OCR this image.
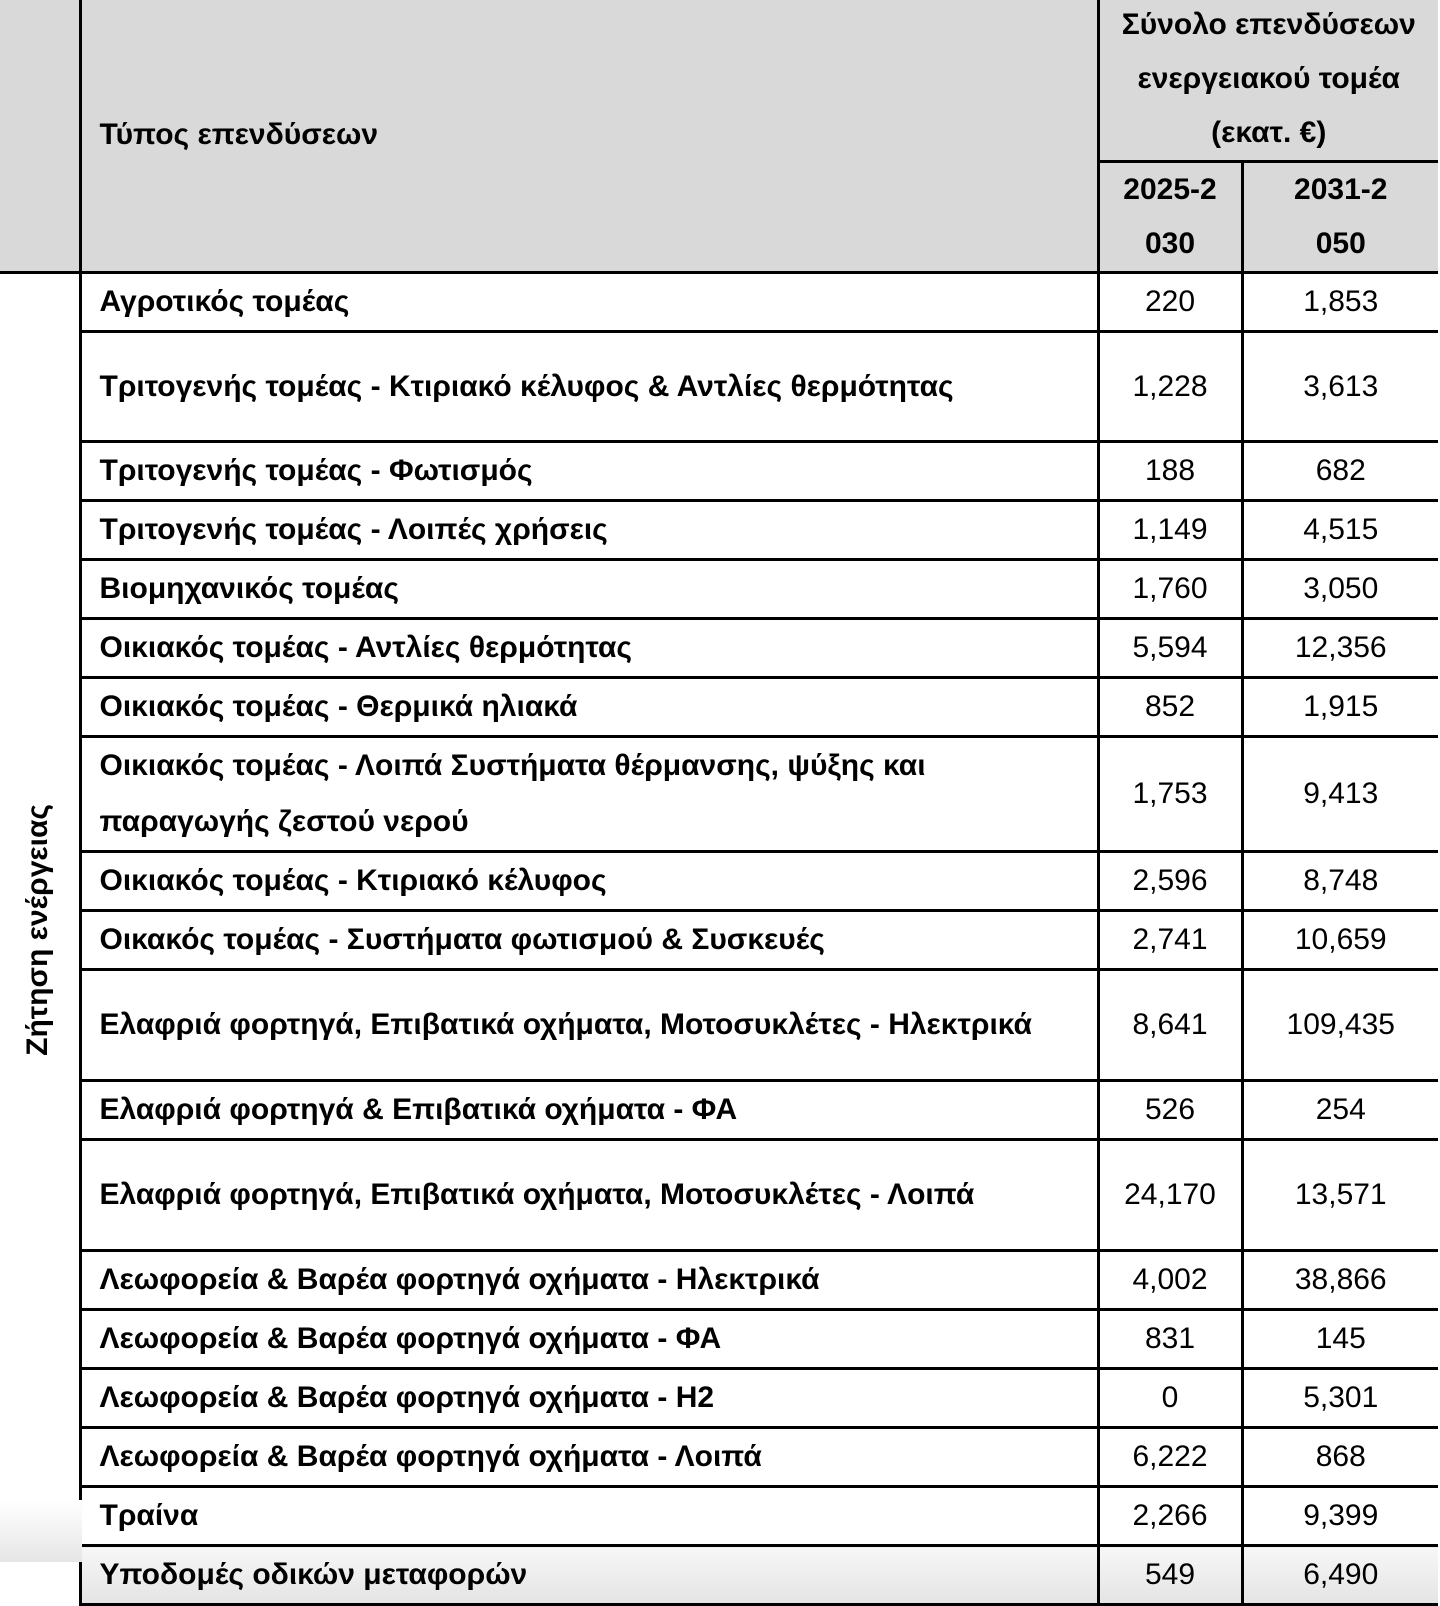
	Τύπος επενδύσεων	Σύνολο επενδύσεων ενεργειακού τομέα (εκατ. €)	

		2025-2030	2031-2050

Ζήτηση ενέργειας	Αγροτικός τομέας	220	1,853
	Τριτογενής τομέας - Κτιριακό κέλυφος & Αντλίες θερμότητας	1,228	3,613
	Τριτογενής τομέας - Φωτισμός	188	682
	Τριτογενής τομέας - Λοιπές χρήσεις	1,149	4,515
	Βιομηχανικός τομέας	1,760	3,050
	Οικιακός τομέας - Αντλίες θερμότητας	5,594	12,356
	Οικιακός τομέας - Θερμικά ηλιακά	852	1,915
	Οικιακός τομέας - Λοιπά Συστήματα θέρμανσης, ψύξης και παραγωγής ζεστού νερού	1,753	9,413
	Οικιακός τομέας - Κτιριακό κέλυφος	2,596	8,748
	Οικακός τομέας - Συστήματα φωτισμού & Συσκευές	2,741	10,659
	Ελαφριά φορτηγά, Επιβατικά οχήματα, Μοτοσυκλέτες - Ηλεκτρικά	8,641	109,435
	Ελαφριά φορτηγά & Επιβατικά οχήματα - ΦΑ	526	254
	Ελαφριά φορτηγά, Επιβατικά οχήματα, Μοτοσυκλέτες - Λοιπά	24,170	13,571
	Λεωφορεία & Βαρέα φορτηγά οχήματα - Ηλεκτρικά	4,002	38,866
	Λεωφορεία & Βαρέα φορτηγά οχήματα - ΦΑ	831	145
	Λεωφορεία & Βαρέα φορτηγά οχήματα - Η2	0	5,301
	Λεωφορεία & Βαρέα φορτηγά οχήματα - Λοιπά	6,222	868
	Τραίνα	2,266	9,399
	Υποδομές οδικών μεταφορών	549	6,490
